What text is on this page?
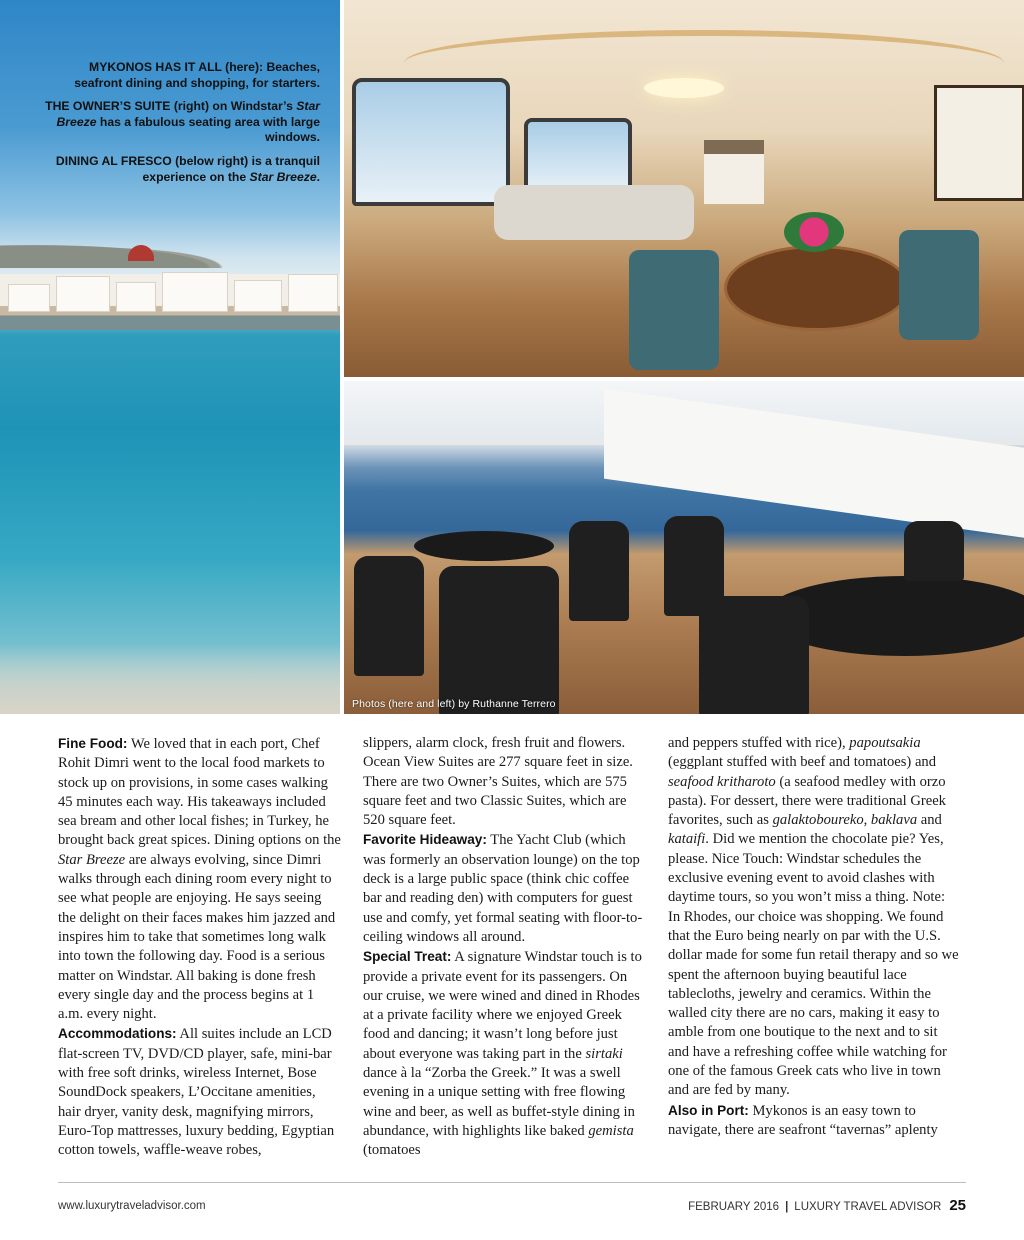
Photos (here and left) by Ruthanne Terrero

MYKONOS HAS IT ALL (here): Beaches, seafront dining and shopping, for starters.

THE OWNER’S SUITE (right) on Windstar’s Star Breeze has a fabulous seating area with large windows.

DINING AL FRESCO (below right) is a tranquil experience on the Star Breeze.

Fine Food: We loved that in each port, Chef Rohit Dimri went to the local food markets to stock up on provisions, in some cases walking 45 minutes each way. His takeaways included sea bream and other local fishes; in Turkey, he brought back great spices. Dining options on the Star Breeze are always evolving, since Dimri walks through each dining room every night to see what people are enjoying. He says seeing the delight on their faces makes him jazzed and inspires him to take that sometimes long walk into town the following day. Food is a serious matter on Windstar. All baking is done fresh every single day and the process begins at 1 a.m. every night.

Accommodations: All suites include an LCD flat-screen TV, DVD/CD player, safe, mini-bar with free soft drinks, wireless Internet, Bose SoundDock speakers, L’Occitane amenities, hair dryer, vanity desk, magnifying mirrors, Euro-Top mattresses, luxury bedding, Egyptian cotton towels, waffle-weave robes,

slippers, alarm clock, fresh fruit and flowers. Ocean View Suites are 277 square feet in size. There are two Owner’s Suites, which are 575 square feet and two Classic Suites, which are 520 square feet.

Favorite Hideaway: The Yacht Club (which was formerly an observation lounge) on the top deck is a large public space (think chic coffee bar and reading den) with computers for guest use and comfy, yet formal seating with floor-to-ceiling windows all around.

Special Treat: A signature Windstar touch is to provide a private event for its passengers. On our cruise, we were wined and dined in Rhodes at a private facility where we enjoyed Greek food and dancing; it wasn’t long before just about everyone was taking part in the sirtaki dance à la “Zorba the Greek.” It was a swell evening in a unique setting with free flowing wine and beer, as well as buffet-style dining in abundance, with highlights like baked gemista (tomatoes

and peppers stuffed with rice), papoutsakia (eggplant stuffed with beef and tomatoes) and seafood kritharoto (a seafood medley with orzo pasta). For dessert, there were traditional Greek favorites, such as galaktoboureko, baklava and kataifi. Did we mention the chocolate pie? Yes, please. Nice Touch: Windstar schedules the exclusive evening event to avoid clashes with daytime tours, so you won’t miss a thing. Note: In Rhodes, our choice was shopping. We found that the Euro being nearly on par with the U.S. dollar made for some fun retail therapy and so we spent the afternoon buying beautiful lace tablecloths, jewelry and ceramics. Within the walled city there are no cars, making it easy to amble from one boutique to the next and to sit and have a refreshing coffee while watching for one of the famous Greek cats who live in town and are fed by many.

Also in Port: Mykonos is an easy town to navigate, there are seafront “tavernas” aplenty

www.luxurytraveladvisor.com	FEBRUARY 2016 | LUXURY TRAVEL ADVISOR 25
